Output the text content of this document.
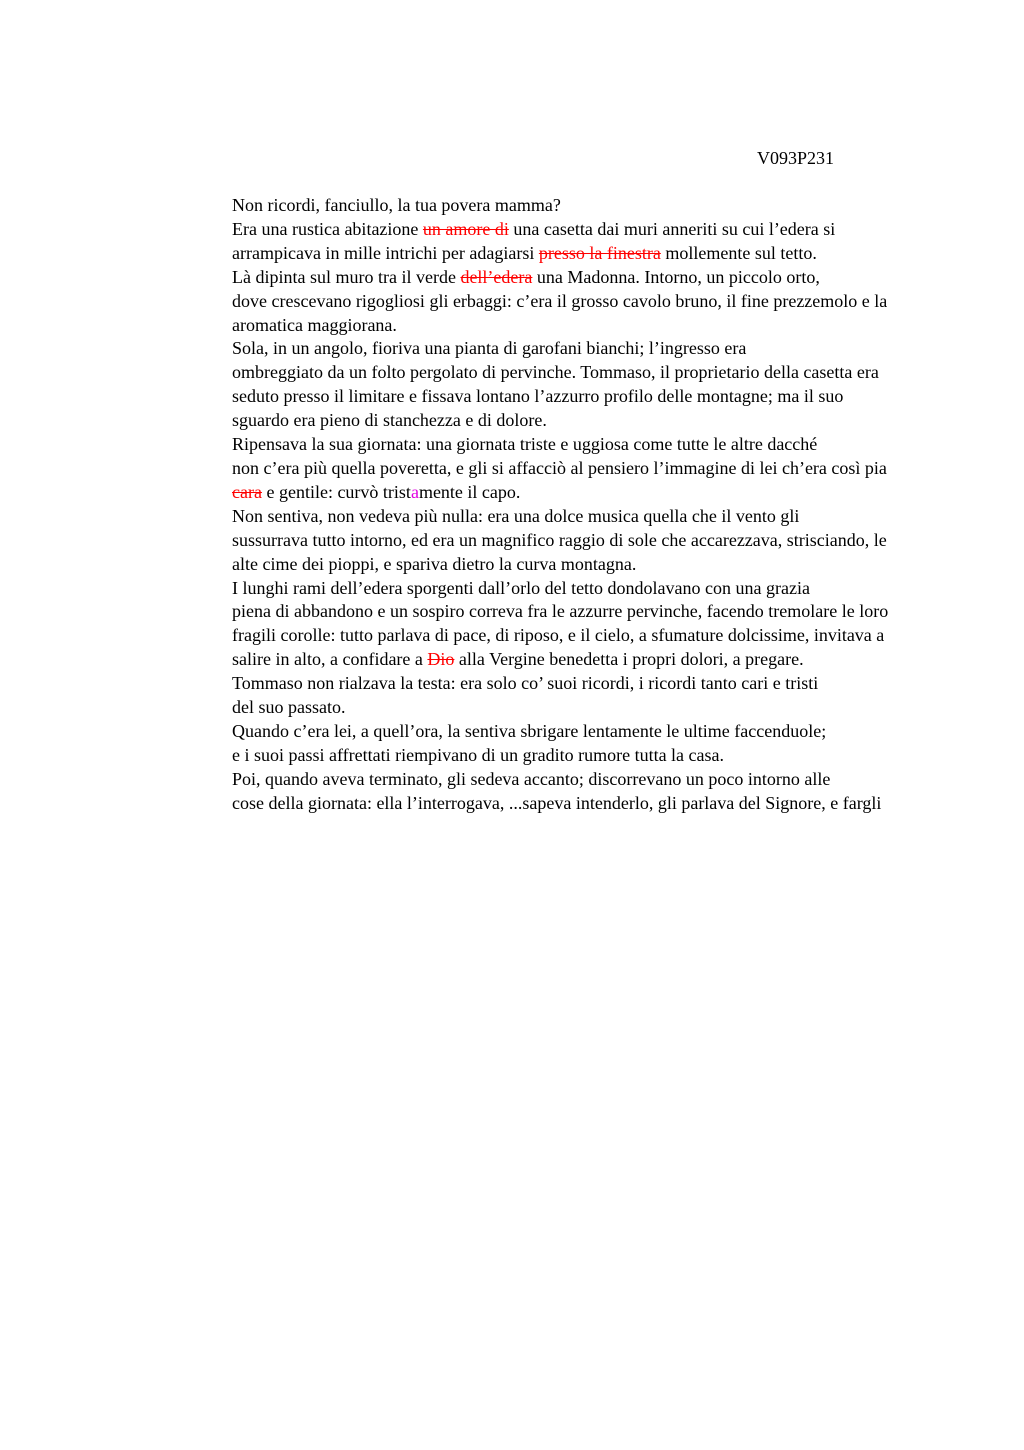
V093P231

Non ricordi, fanciullo, la tua povera mamma?

Era una rustica abitazione un amore di una casetta dai muri anneriti su cui l’edera si
arrampicava in mille intrichi per adagiarsi presso la finestra mollemente sul tetto.

Là dipinta sul muro tra il verde dell’edera una Madonna. Intorno, un piccolo orto,
dove crescevano rigogliosi gli erbaggi: c’era il grosso cavolo bruno, il fine prezzemolo e la
aromatica maggiorana.

Sola, in un angolo, fioriva una pianta di garofani bianchi; l’ingresso era
ombreggiato da un folto pergolato di pervinche. Tommaso, il proprietario della casetta era
seduto presso il limitare e fissava lontano l’azzurro profilo delle montagne; ma il suo
sguardo era pieno di stanchezza e di dolore.

Ripensava la sua giornata: una giornata triste e uggiosa come tutte le altre dacché
non c’era più quella poveretta, e gli si affacciò al pensiero l’immagine di lei ch’era così pia
cara e gentile: curvò tristamente il capo.

Non sentiva, non vedeva più nulla: era una dolce musica quella che il vento gli
sussurrava tutto intorno, ed era un magnifico raggio di sole che accarezzava, strisciando, le
alte cime dei pioppi, e spariva dietro la curva montagna.

I lunghi rami dell’edera sporgenti dall’orlo del tetto dondolavano con una grazia
piena di abbandono e un sospiro correva fra le azzurre pervinche, facendo tremolare le loro
fragili corolle: tutto parlava di pace, di riposo, e il cielo, a sfumature dolcissime, invitava a
salire in alto, a confidare a Dio alla Vergine benedetta i propri dolori, a pregare.

Tommaso non rialzava la testa: era solo co’ suoi ricordi, i ricordi tanto cari e tristi
del suo passato.

Quando c’era lei, a quell’ora, la sentiva sbrigare lentamente le ultime faccenduole;
e i suoi passi affrettati riempivano di un gradito rumore tutta la casa.

Poi, quando aveva terminato, gli sedeva accanto; discorrevano un poco intorno alle
cose della giornata: ella l’interrogava, ...sapeva intenderlo, gli parlava del Signore, e fargli
